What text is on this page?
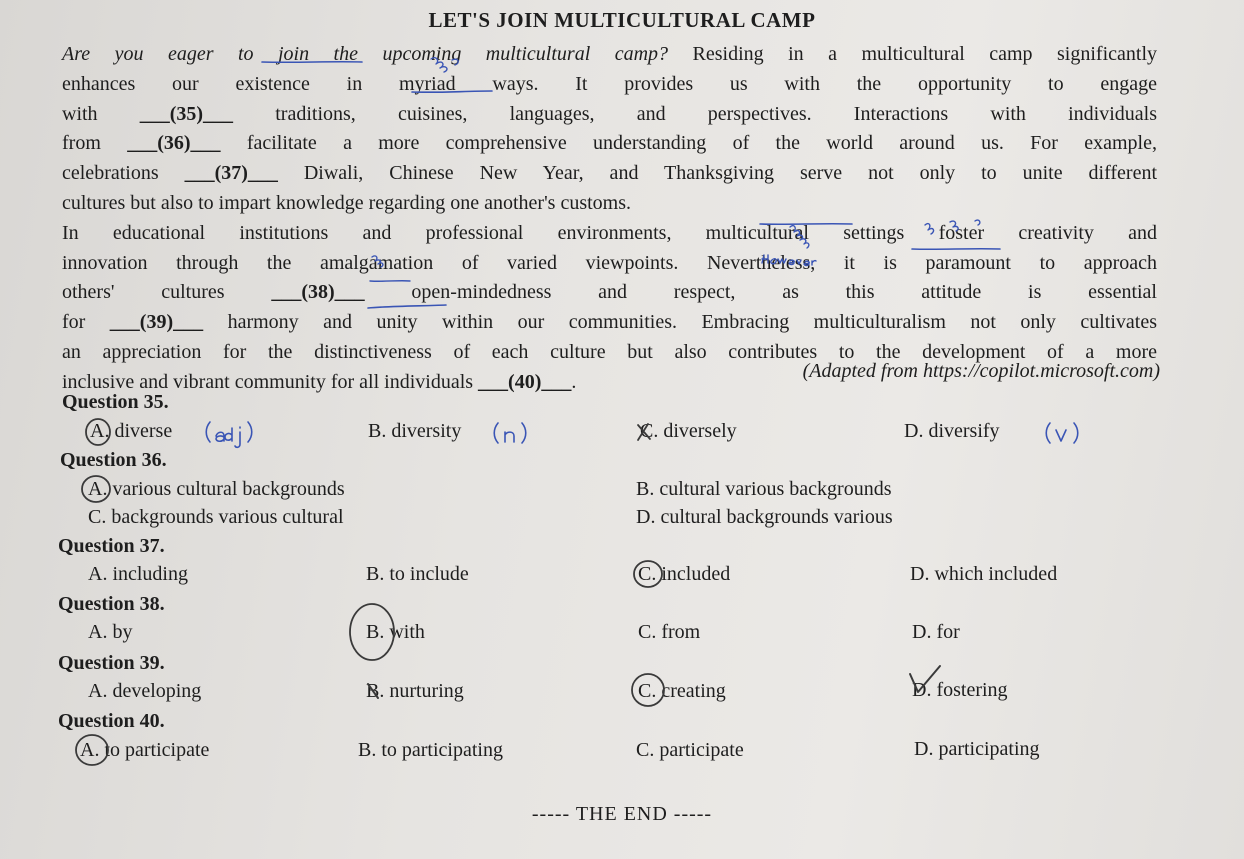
LET'S JOIN MULTICULTURAL CAMP
Are you eager to join the upcoming multicultural camp? Residing in a multicultural camp significantly
enhances our existence in myriad ways. It provides us with the opportunity to engage
with ___(35)___ traditions, cuisines, languages, and perspectives. Interactions with individuals
from ___(36)___ facilitate a more comprehensive understanding of the world around us. For example,
celebrations ___(37)___ Diwali, Chinese New Year, and Thanksgiving serve not only to unite different
cultures but also to impart knowledge regarding one another's customs.
In educational institutions and professional environments, multicultural settings foster creativity and
innovation through the amalgamation of varied viewpoints. Nevertheless, it is paramount to approach
others' cultures ___(38)___ open-mindedness and respect, as this attitude is essential
for ___(39)___ harmony and unity within our communities. Embracing multiculturalism not only cultivates
an appreciation for the distinctiveness of each culture but also contributes to the development of a more
inclusive and vibrant community for all individuals ___(40)___.	(Adapted from https://copilot.microsoft.com)
Question 35.
A. diverse	B. diversity	C. diversely	D. diversify
Question 36.
A. various cultural backgrounds	B. cultural various backgrounds
C. backgrounds various cultural	D. cultural backgrounds various
Question 37.
A. including	B. to include	C. included	D. which included
Question 38.
A. by	B. with	C. from	D. for
Question 39.
A. developing	B. nurturing	C. creating	D. fostering
Question 40.
A. to participate	B. to participating	C. participate	D. participating
----- THE END -----
